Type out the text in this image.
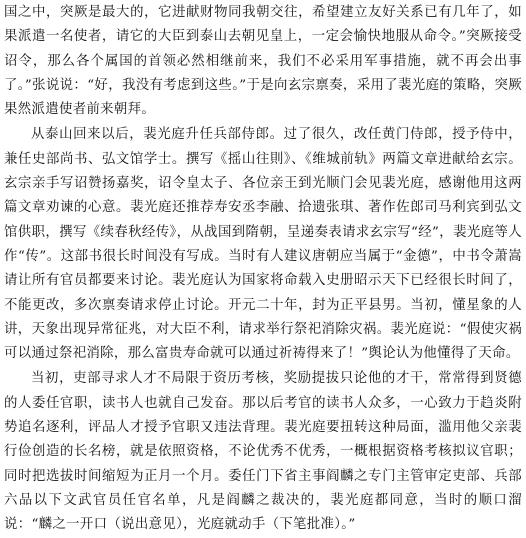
国之中，突厥是最大的，它进献财物同我朝交往，希望建立友好关系已有几年了，如果派遣一名使者，请它的大臣到泰山去朝见皇上，一定会愉快地服从命令。”突厥接受诏令，那么各个属国的首领必然相继前来，我们不必采用军事措施，就不再会出事了。”张说说：“好，我没有考虑到这些。”于是向玄宗禀奏，采用了裴光庭的策略，突厥果然派遣使者前来朝拜。

从泰山回来以后，裴光庭升任兵部侍郎。过了很久，改任黄门侍郎，授予侍中，兼任史部尚书、弘文馆学士。撰写《摇山往則》、《维城前轨》两篇文章进献给玄宗。玄宗亲手写诏赞扬嘉奖，诏令皇太子、各位亲王到光顺门会见裴光庭，感谢他用这两篇文章劝谏的心意。裴光庭还推荐寿安丞李融、拾遗张琪、著作佐郎司马利宾到弘文馆供职，撰写《续春秋经传》，从战国到隋朝，呈递奏表请求玄宗写“经”，裴光庭等人作“传”。这部书很长时间没有写成。当时有人建议唐朝应当属于“金德”，中书令萧嵩请让所有官员都要来讨论。裴光庭认为国家将命载入史册昭示天下已经很长时间了，不能更改，多次禀奏请求停止讨论。开元二十年，封为正平县男。当初，懂星象的人讲，天象出现异常征兆，对大臣不利，请求举行祭祀消除灾祸。裴光庭说：“假使灾祸可以通过祭祀消除，那么富贵寿命就可以通过祈祷得来了！”舆论认为他懂得了天命。

当初，吏部寻求人才不局限于资历考核，奖励提拔只论他的才干，常常得到贤德的人委任官职，读书人也就自己发奋。那以后考官的读书人众多，一心致力于趋炎附势追名逐利，评品人才授予官职又违法背理。裴光庭要扭转这种局面，滥用他父亲裴行俭创造的长名榜，就是依照资格，不论优秀不优秀，一概根据资格考核拟议官职；同时把选拔时间缩短为正月一个月。委任门下省主事阎麟之专门主管审定吏部、兵部六品以下文武官员任官名单，凡是阎麟之裁决的，裴光庭都同意，当时的顺口溜说：“麟之一开口（说出意见），光庭就动手（下笔批准）。”
